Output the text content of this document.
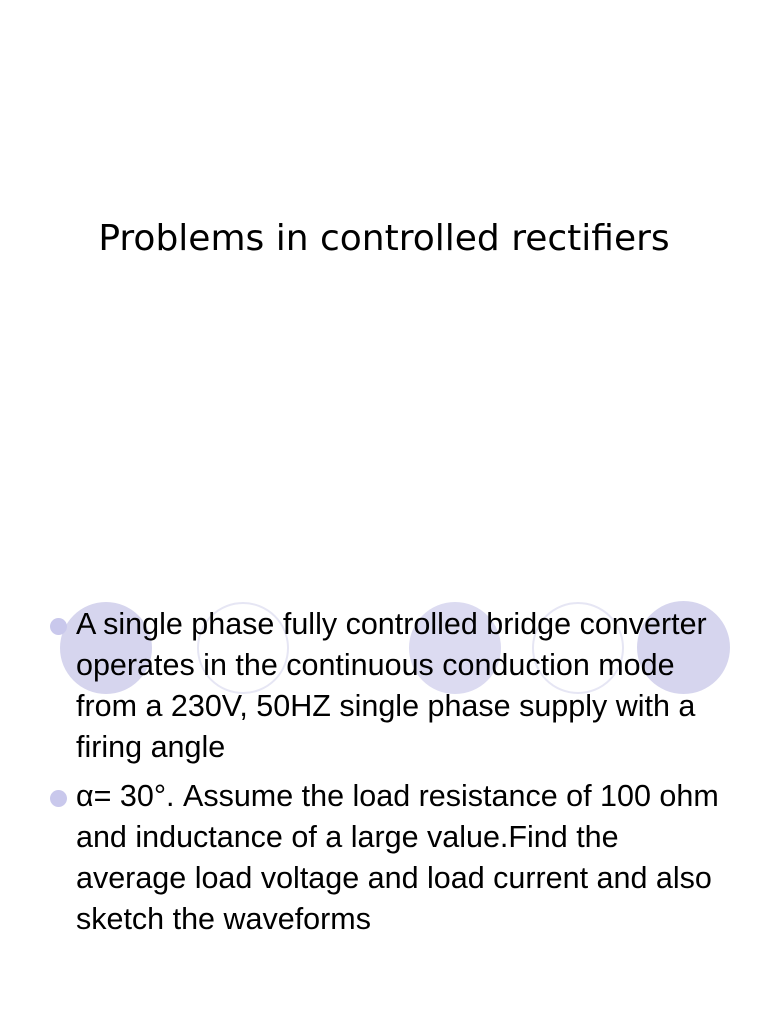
Problems in controlled rectifiers
A single phase fully controlled bridge converter operates in the continuous conduction mode from a 230V, 50HZ single phase supply with a firing angle
α= 30°. Assume the load resistance of 100 ohm and inductance of a large value.Find the average load voltage and load current and also sketch the waveforms
